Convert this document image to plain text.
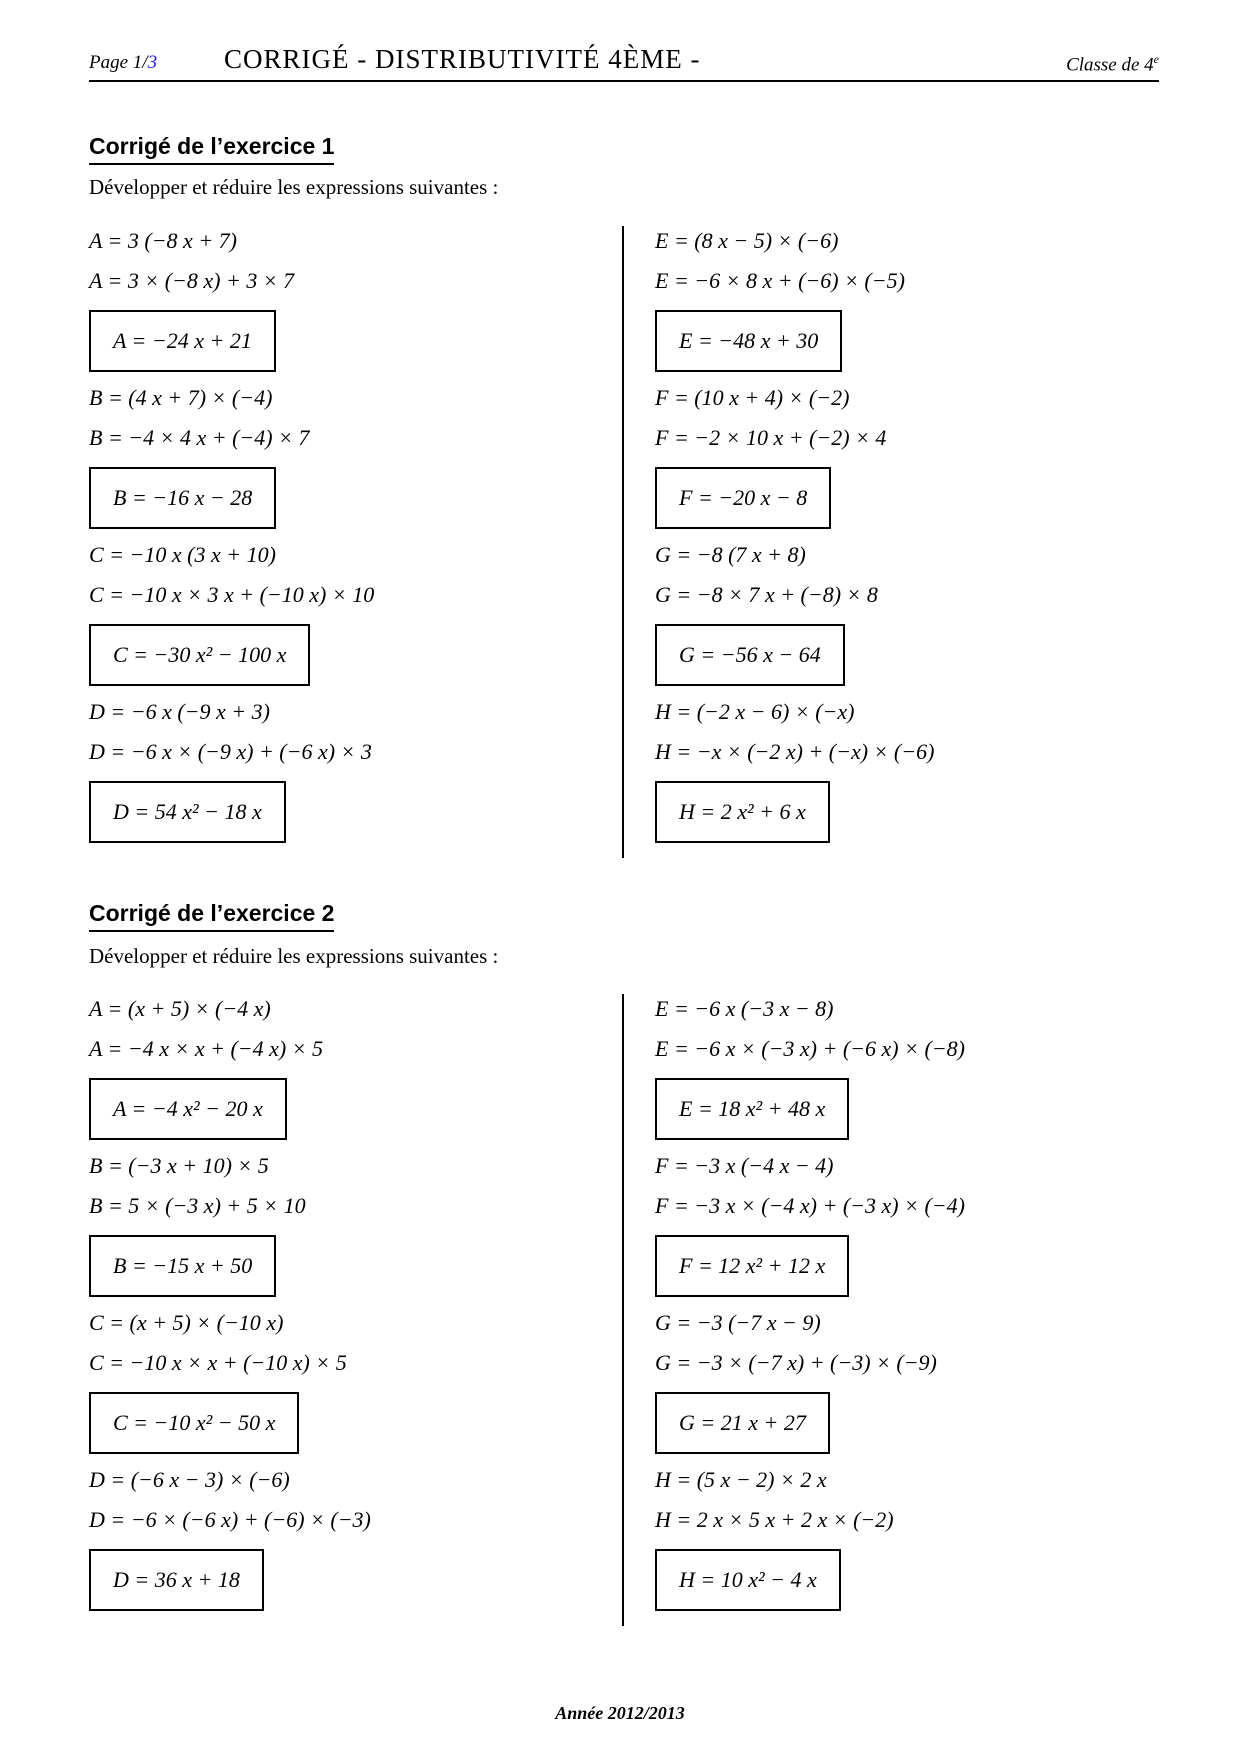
Page 1/3 CORRIGÉ - DISTRIBUTIVITÉ 4ÈME -	Classe de 4e
Corrigé de l’exercice 1
Développer et réduire les expressions suivantes :
A = 3 (−8 x + 7)
A = 3 × (−8 x) + 3 × 7
A = −24 x + 21
B = (4 x + 7) × (−4)
B = −4 × 4 x + (−4) × 7
B = −16 x − 28
C = −10 x (3 x + 10)
C = −10 x × 3 x + (−10 x) × 10
C = −30 x² − 100 x
D = −6 x (−9 x + 3)
D = −6 x × (−9 x) + (−6 x) × 3
D = 54 x² − 18 x
E = (8 x − 5) × (−6)
E = −6 × 8 x + (−6) × (−5)
E = −48 x + 30
F = (10 x + 4) × (−2)
F = −2 × 10 x + (−2) × 4
F = −20 x − 8
G = −8 (7 x + 8)
G = −8 × 7 x + (−8) × 8
G = −56 x − 64
H = (−2 x − 6) × (−x)
H = −x × (−2 x) + (−x) × (−6)
H = 2 x² + 6 x
Corrigé de l’exercice 2
Développer et réduire les expressions suivantes :
A = (x + 5) × (−4 x)
A = −4 x × x + (−4 x) × 5
A = −4 x² − 20 x
B = (−3 x + 10) × 5
B = 5 × (−3 x) + 5 × 10
B = −15 x + 50
C = (x + 5) × (−10 x)
C = −10 x × x + (−10 x) × 5
C = −10 x² − 50 x
D = (−6 x − 3) × (−6)
D = −6 × (−6 x) + (−6) × (−3)
D = 36 x + 18
E = −6 x (−3 x − 8)
E = −6 x × (−3 x) + (−6 x) × (−8)
E = 18 x² + 48 x
F = −3 x (−4 x − 4)
F = −3 x × (−4 x) + (−3 x) × (−4)
F = 12 x² + 12 x
G = −3 (−7 x − 9)
G = −3 × (−7 x) + (−3) × (−9)
G = 21 x + 27
H = (5 x − 2) × 2 x
H = 2 x × 5 x + 2 x × (−2)
H = 10 x² − 4 x
Année 2012/2013
